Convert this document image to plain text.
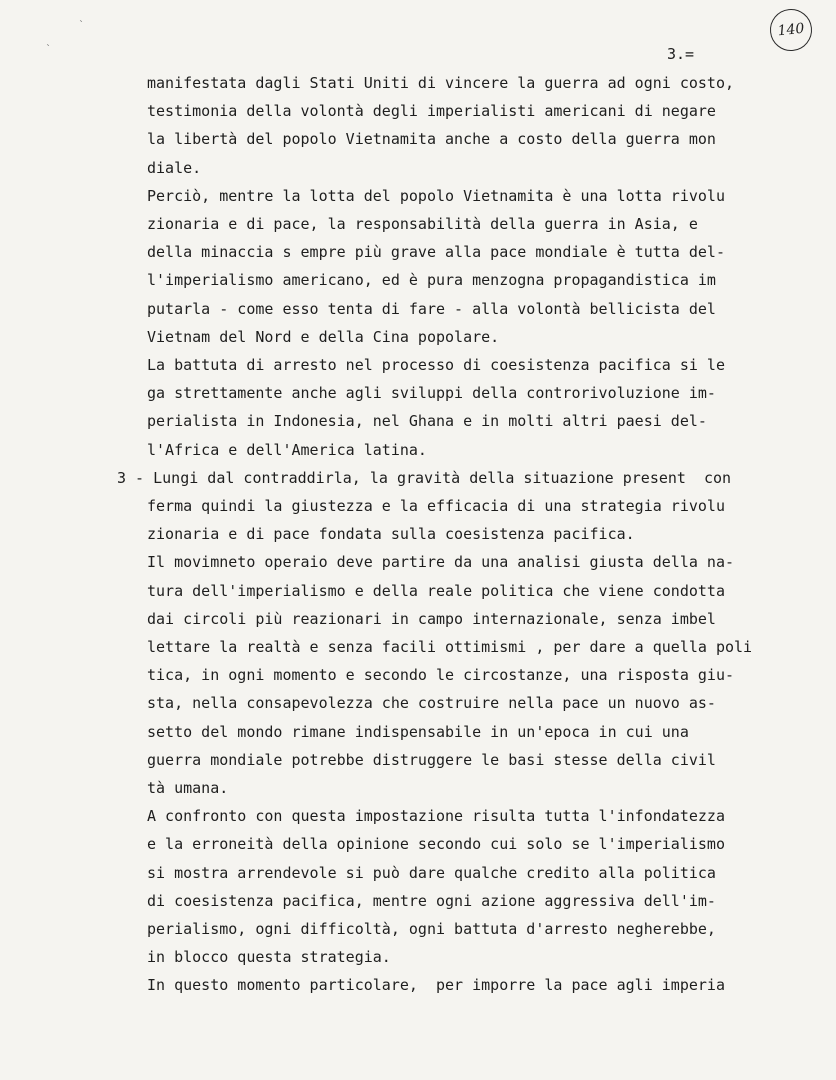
`
`
140
3.=
manifestata dagli Stati Uniti di vincere la guerra ad ogni costo,
testimonia della volontà degli imperialisti americani di negare
la libertà del popolo Vietnamita anche a costo della guerra mon
diale.
Perciò, mentre la lotta del popolo Vietnamita è una lotta rivolu
zionaria e di pace, la responsabilità della guerra in Asia, e
della minaccia s empre più grave alla pace mondiale è tutta del-
l'imperialismo americano, ed è pura menzogna propagandistica im
putarla - come esso tenta di fare - alla volontà bellicista del
Vietnam del Nord e della Cina popolare.
La battuta di arresto nel processo di coesistenza pacifica si le
ga strettamente anche agli sviluppi della controrivoluzione im-
perialista in Indonesia, nel Ghana e in molti altri paesi del-
l'Africa e dell'America latina.
3 - Lungi dal contraddirla, la gravità della situazione present  con
ferma quindi la giustezza e la efficacia di una strategia rivolu
zionaria e di pace fondata sulla coesistenza pacifica.
Il movimneto operaio deve partire da una analisi giusta della na-
tura dell'imperialismo e della reale politica che viene condotta
dai circoli più reazionari in campo internazionale, senza imbel
lettare la realtà e senza facili ottimismi , per dare a quella poli
tica, in ogni momento e secondo le circostanze, una risposta giu-
sta, nella consapevolezza che costruire nella pace un nuovo as-
setto del mondo rimane indispensabile in un'epoca in cui una
guerra mondiale potrebbe distruggere le basi stesse della civil
tà umana.
A confronto con questa impostazione risulta tutta l'infondatezza
e la erroneità della opinione secondo cui solo se l'imperialismo
si mostra arrendevole si può dare qualche credito alla politica
di coesistenza pacifica, mentre ogni azione aggressiva dell'im-
perialismo, ogni difficoltà, ogni battuta d'arresto negherebbe,
in blocco questa strategia.
In questo momento particolare,  per imporre la pace agli imperia
